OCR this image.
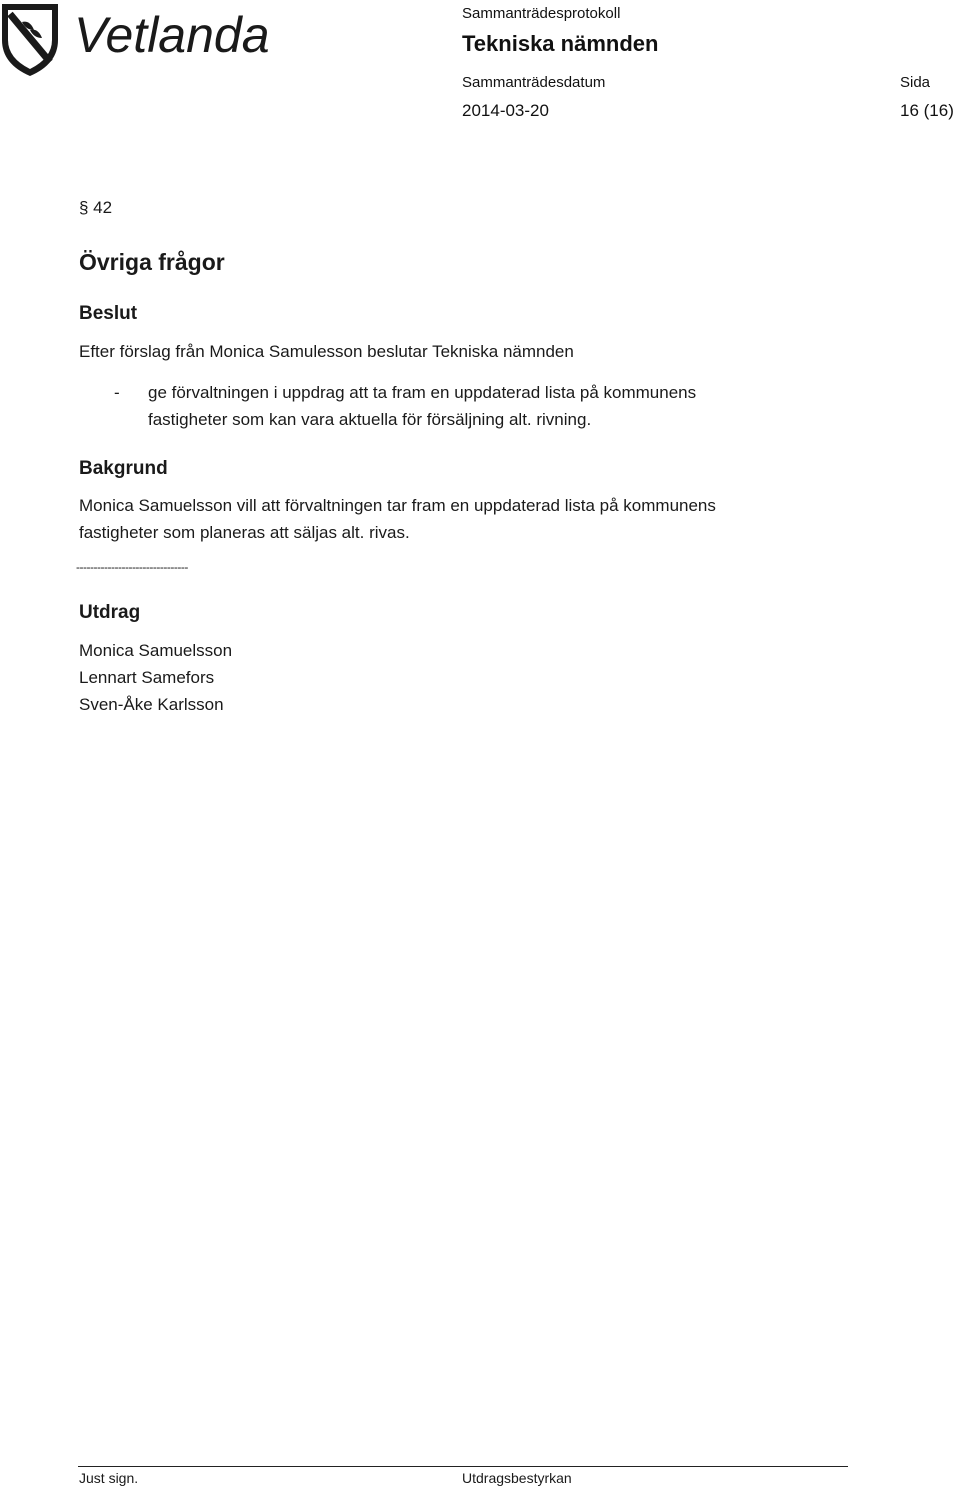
Vetlanda	Sammanträdesprotokoll
Tekniska nämnden
Sammanträdesdatum
2014-03-20
Sida
16 (16)
§ 42
Övriga frågor
Beslut
Efter förslag från Monica Samulesson beslutar Tekniska nämnden
- ge förvaltningen i uppdrag att ta fram en uppdaterad lista på kommunens
fastigheter som kan vara aktuella för försäljning alt. rivning.
Bakgrund
Monica Samuelsson vill att förvaltningen tar fram en uppdaterad lista på kommunens
fastigheter som planeras att säljas alt. rivas.
--------------------------------
Utdrag
Monica Samuelsson
Lennart Samefors
Sven-Åke Karlsson
Just sign.	Utdragsbestyrkan
